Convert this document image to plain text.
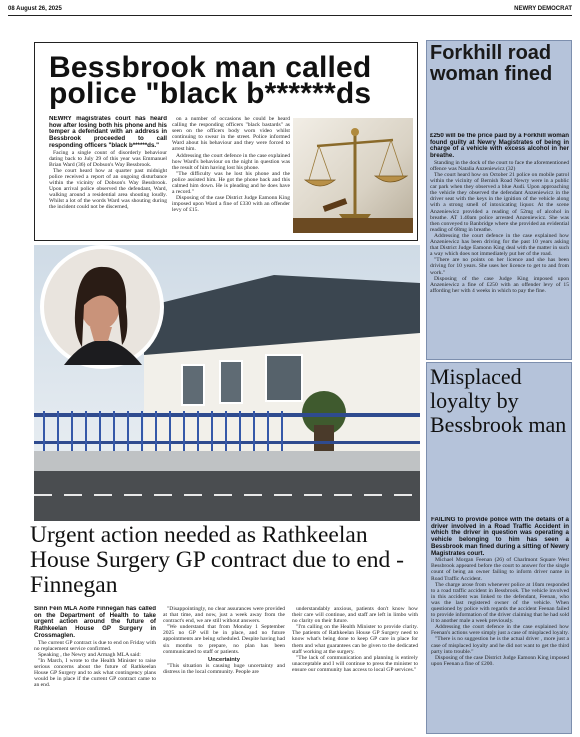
08 August 26, 2025	NEWRY DEMOCRAT
Bessbrook man called police "black b******ds

NEWRY magistrates court has heard how after losing both his phone and his temper a defendant with an address in Bessbrook proceeded to call responding officers "black b******ds."

Facing a single count of disorderly behaviour dating back to July 29 of this year was Emmanuel Brian Ward (36) of Dobson's Way Bessbrook.

The court heard how at quarter past midnight police received a report of an ongoing disturbance within the vicinity of Dobson's Way Bessbrook. Upon arrival police observed the defendant, Ward, walking around a residential area shouting loudly. Whilst a lot of the words Ward was shouting during the incident could not be discerned,

on a number of occasions he could be heard calling the responding officers "black bastards" as seen on the officers body worn video whilst continuing to swear in the street. Police informed Ward about his behaviour and they were forced to arrest him.

Addressing the court defence in the case explained how Ward's behaviour on the night in question was the result of him having lost his phone.

"The difficulty was he lost his phone and the police assisted him. He got the phone back and this calmed him down. He is pleading and he does have a record."

Disposing of the case District Judge Eamonn King imposed upon Ward a fine of £330 with an offender levy of £15.

Urgent action needed as Rathkeelan House Surgery GP contract due to end - Finnegan

Sinn Féin MLA Aoife Finnegan has called on the Department of Health to take urgent action around the future of Rathkeelan House GP Surgery in Crossmaglen.

The current GP contract is due to end on Friday with no replacement service confirmed.

Speaking , the Newry and Armagh MLA said:

"In March, I wrote to the Health Minister to raise serious concerns about the future of Rathkeelan House GP Surgery and to ask what contingency plans would be in place if the current GP contract came to an end.

"Disappointingly, no clear assurances were provided at that time, and now, just a week away from the contract's end, we are still without answers.

"We understand that from Monday 1 September 2025 no GP will be in place, and no future appointments are being scheduled. Despite having had six months to prepare, no plan has been communicated to staff or patients.

Uncertainty

"This situation is causing huge uncertainty and distress in the local community. People are

understandably anxious, patients don't know how their care will continue, and staff are left in limbo with no clarity on their future.

"I'm calling on the Health Minister to provide clarity. The patients of Rathkeelan House GP Surgery need to know what's being done to keep GP care in place for them and what guarantees can be given to the dedicated staff working at the surgery.

"The lack of communication and planning is entirely unacceptable and I will continue to press the minister to ensure our community has access to local GP services."

Forkhill road woman fined

£250 will be the price paid by a Forkhill woman found guilty at Newry Magistrates of being in charge of a vehicle with excess alcohol in her breathe.

Standing in the dock of the court to face the aforementioned offence was Natalia Anzeniewicz (32)

The court heard how on October 21 police on mobile patrol within the vicinity of Bernish Road Newry were in a public car park when they observed a blue Audi. Upon approaching the vehicle they observed the defendant Anzeniewicz in the driver seat with the keys in the ignition of the vehicle along with a strong smell of intoxicating liquor. At the scene Anzeniewicz provided a reading of 52mg of alcohol in breathe. AT 1.40am police arrested Anzeniewicz. She was then conveyed to Banbridge where she provided an evidential reading of 68mg in breathe.

Addressing the court defence in the case explained how Anzeniewicz has been driving for the past 10 years asking that District Judge Eamonn King deal with the matter in such a way which does not immediately put her of the road.

"There are no points on her licence and she has been driving for 10 years. She uses her licence to get to and from work."

Disposing of the case Judge King imposed upon Anzeniewicz a fine of £250 with an offender levy of 15 affording her with 4 weeks in which to pay the fine.

Misplaced loyalty by Bessbrook man

FAILING to provide police with the details of a driver involved in a Road Traffic Accident in which the driver in question was operating a vehicle belonging to him has seen a Bessbrook man fined during a sitting of Newry Magistrates court.

Michael Morgan Feenan (26) of Charlmont Square West Bessbrook appeared before the court to answer for the single count of being an owner failing to inform driver name in Road Traffic Accident.

The charge arose from whenever police at 10am responded to a road traffic accident in Bessbrook. The vehicle involved in this accident was linked to the defendant, Feenan, who was the last registered owner of the vehicle. When questioned by police with regards the accident Feenan failed to provide information of the driver claiming that he had sold it to another male a week previously.

Addressing the court defence in the case explained how Feenan's actions were simply just a case of misplaced loyalty.

"There is no suggestion he is the actual driver , more just a case of misplaced loyalty and he did not want to get the third party into trouble."

Disposing of the case District Judge Eamonn King imposed upon Feenan a fine of £200.
